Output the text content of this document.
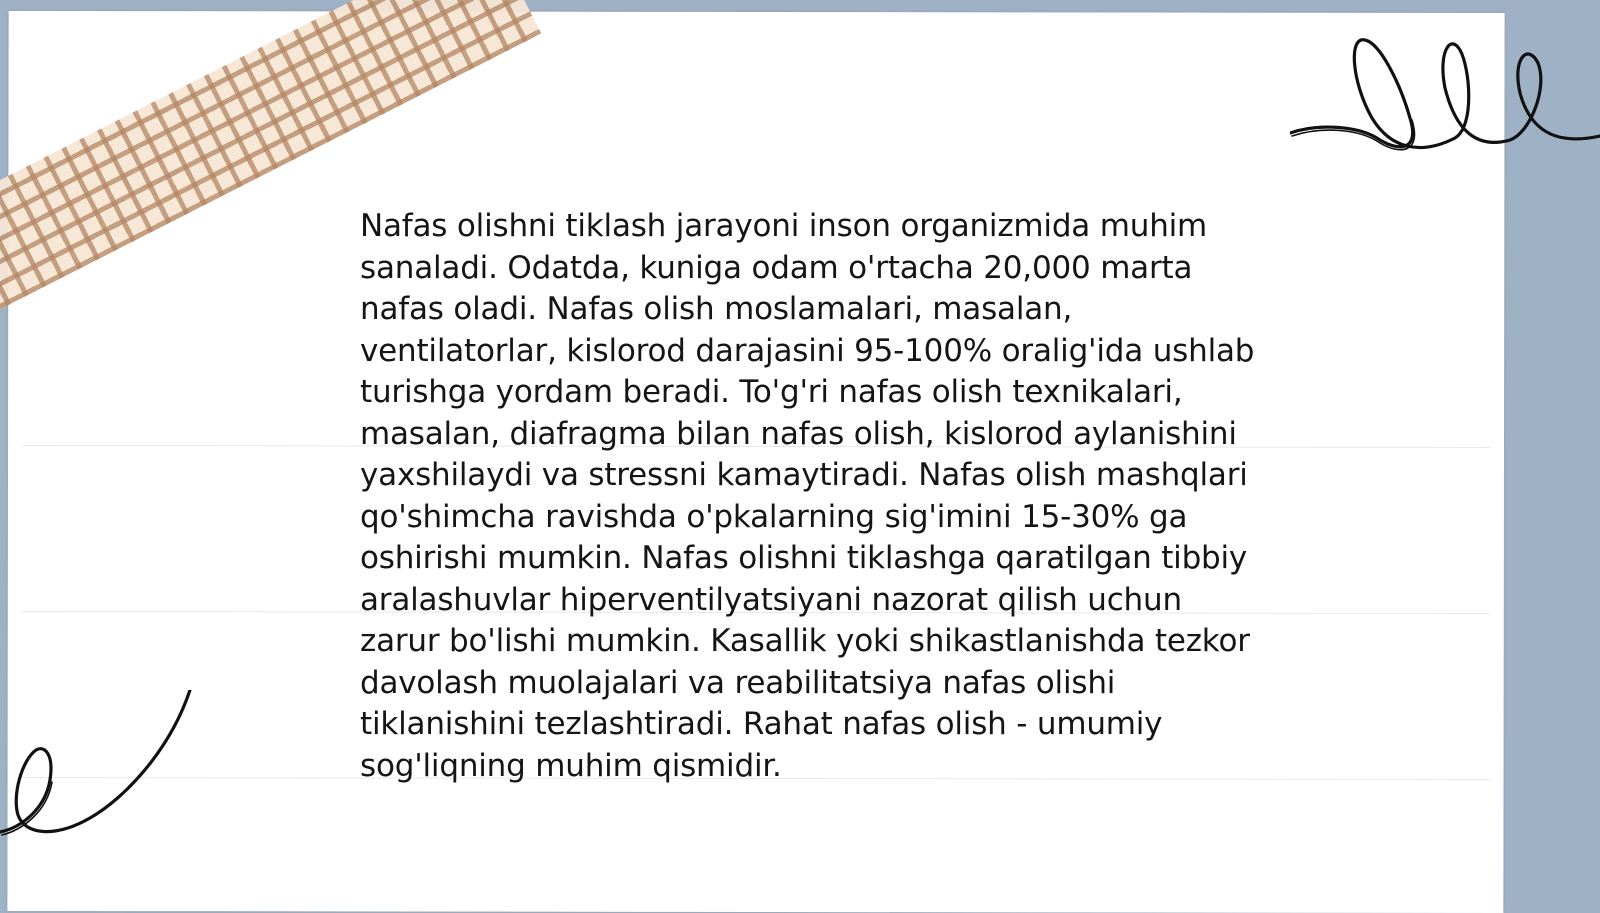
Nafas olishni tiklash jarayoni inson organizmida muhim sanaladi. Odatda, kuniga odam o'rtacha 20,000 marta nafas oladi. Nafas olish moslamalari, masalan, ventilatorlar, kislorod darajasini 95-100% oralig'ida ushlab turishga yordam beradi. To'g'ri nafas olish texnikalari, masalan, diafragma bilan nafas olish, kislorod aylanishini yaxshilaydi va stressni kamaytiradi. Nafas olish mashqlari qo'shimcha ravishda o'pkalarning sig'imini 15-30% ga oshirishi mumkin. Nafas olishni tiklashga qaratilgan tibbiy aralashuvlar hiperventilyatsiyani nazorat qilish uchun zarur bo'lishi mumkin. Kasallik yoki shikastlanishda tezkor davolash muolajalari va reabilitatsiya nafas olishi tiklanishini tezlashtiradi. Rahat nafas olish - umumiy sog'liqning muhim qismidir.
